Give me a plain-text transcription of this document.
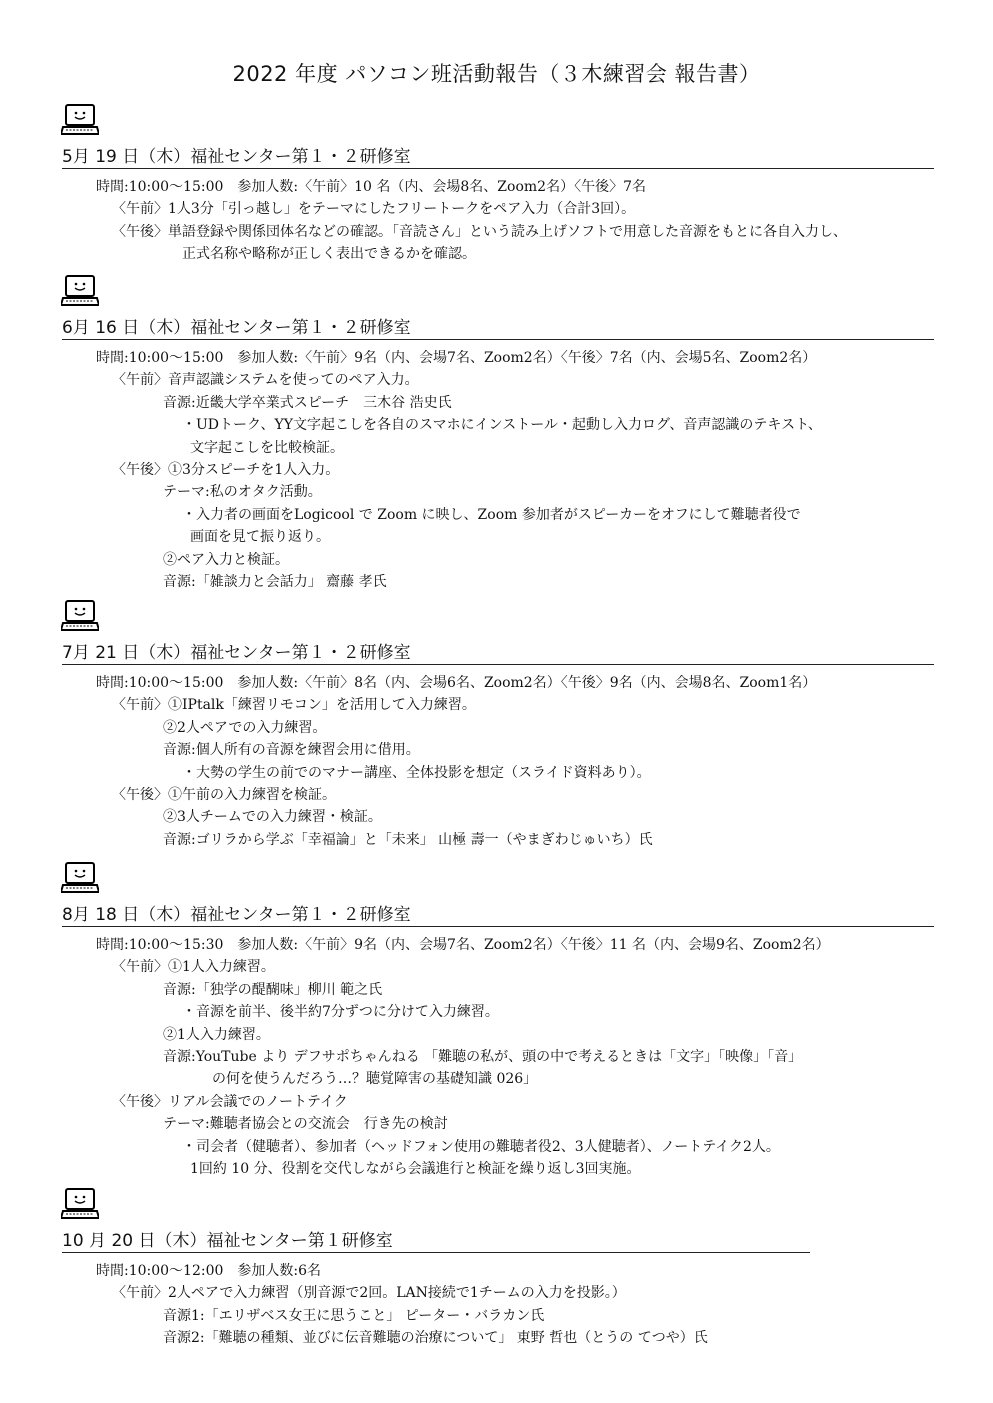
2022 年度 パソコン班活動報告（３木練習会 報告書）
5月 19 日（木）福祉センター第１・２研修室
時間:10:00～15:00　参加人数:〈午前〉10 名（内、会場8名、Zoom2名）〈午後〉7名
〈午前〉1人3分「引っ越し」をテーマにしたフリートークをペア入力（合計3回）。
〈午後〉単語登録や関係団体名などの確認。「音読さん」という読み上げソフトで用意した音源をもとに各自入力し、
正式名称や略称が正しく表出できるかを確認。
6月 16 日（木）福祉センター第１・２研修室
時間:10:00～15:00　参加人数:〈午前〉9名（内、会場7名、Zoom2名）〈午後〉7名（内、会場5名、Zoom2名）
〈午前〉音声認識システムを使ってのペア入力。
音源:近畿大学卒業式スピーチ　三木谷 浩史氏
・UDトーク、YY文字起こしを各自のスマホにインストール・起動し入力ログ、音声認識のテキスト、
文字起こしを比較検証。
〈午後〉①3分スピーチを1人入力。
テーマ:私のオタク活動。
・入力者の画面をLogicool で Zoom に映し、Zoom 参加者がスピーカーをオフにして難聴者役で
画面を見て振り返り。
②ペア入力と検証。
音源:「雑談力と会話力」 齋藤 孝氏
7月 21 日（木）福祉センター第１・２研修室
時間:10:00～15:00　参加人数:〈午前〉8名（内、会場6名、Zoom2名）〈午後〉9名（内、会場8名、Zoom1名）
〈午前〉①IPtalk「練習リモコン」を活用して入力練習。
②2人ペアでの入力練習。
音源:個人所有の音源を練習会用に借用。
・大勢の学生の前でのマナー講座、全体投影を想定（スライド資料あり）。
〈午後〉①午前の入力練習を検証。
②3人チームでの入力練習・検証。
音源:ゴリラから学ぶ「幸福論」と「未来」 山極 壽一（やまぎわじゅいち）氏
8月 18 日（木）福祉センター第１・２研修室
時間:10:00～15:30　参加人数:〈午前〉9名（内、会場7名、Zoom2名）〈午後〉11 名（内、会場9名、Zoom2名）
〈午前〉①1人入力練習。
音源:「独学の醍醐味」柳川 範之氏
・音源を前半、後半約7分ずつに分けて入力練習。
②1人入力練習。
音源:YouTube より デフサポちゃんねる 「難聴の私が、頭の中で考えるときは「文字」「映像」「音」
の何を使うんだろう…？聴覚障害の基礎知識 026」
〈午後〉リアル会議でのノートテイク
テーマ:難聴者協会との交流会　行き先の検討
・司会者（健聴者）、参加者（ヘッドフォン使用の難聴者役2、3人健聴者）、ノートテイク2人。
1回約 10 分、役割を交代しながら会議進行と検証を繰り返し3回実施。
10 月 20 日（木）福祉センター第１研修室
時間:10:00～12:00　参加人数:6名
〈午前〉2人ペアで入力練習（別音源で2回。LAN接続で1チームの入力を投影。）
音源1:「エリザベス女王に思うこと」 ピーター・バラカン氏
音源2:「難聴の種類、並びに伝音難聴の治療について」 東野 哲也（とうの てつや）氏
